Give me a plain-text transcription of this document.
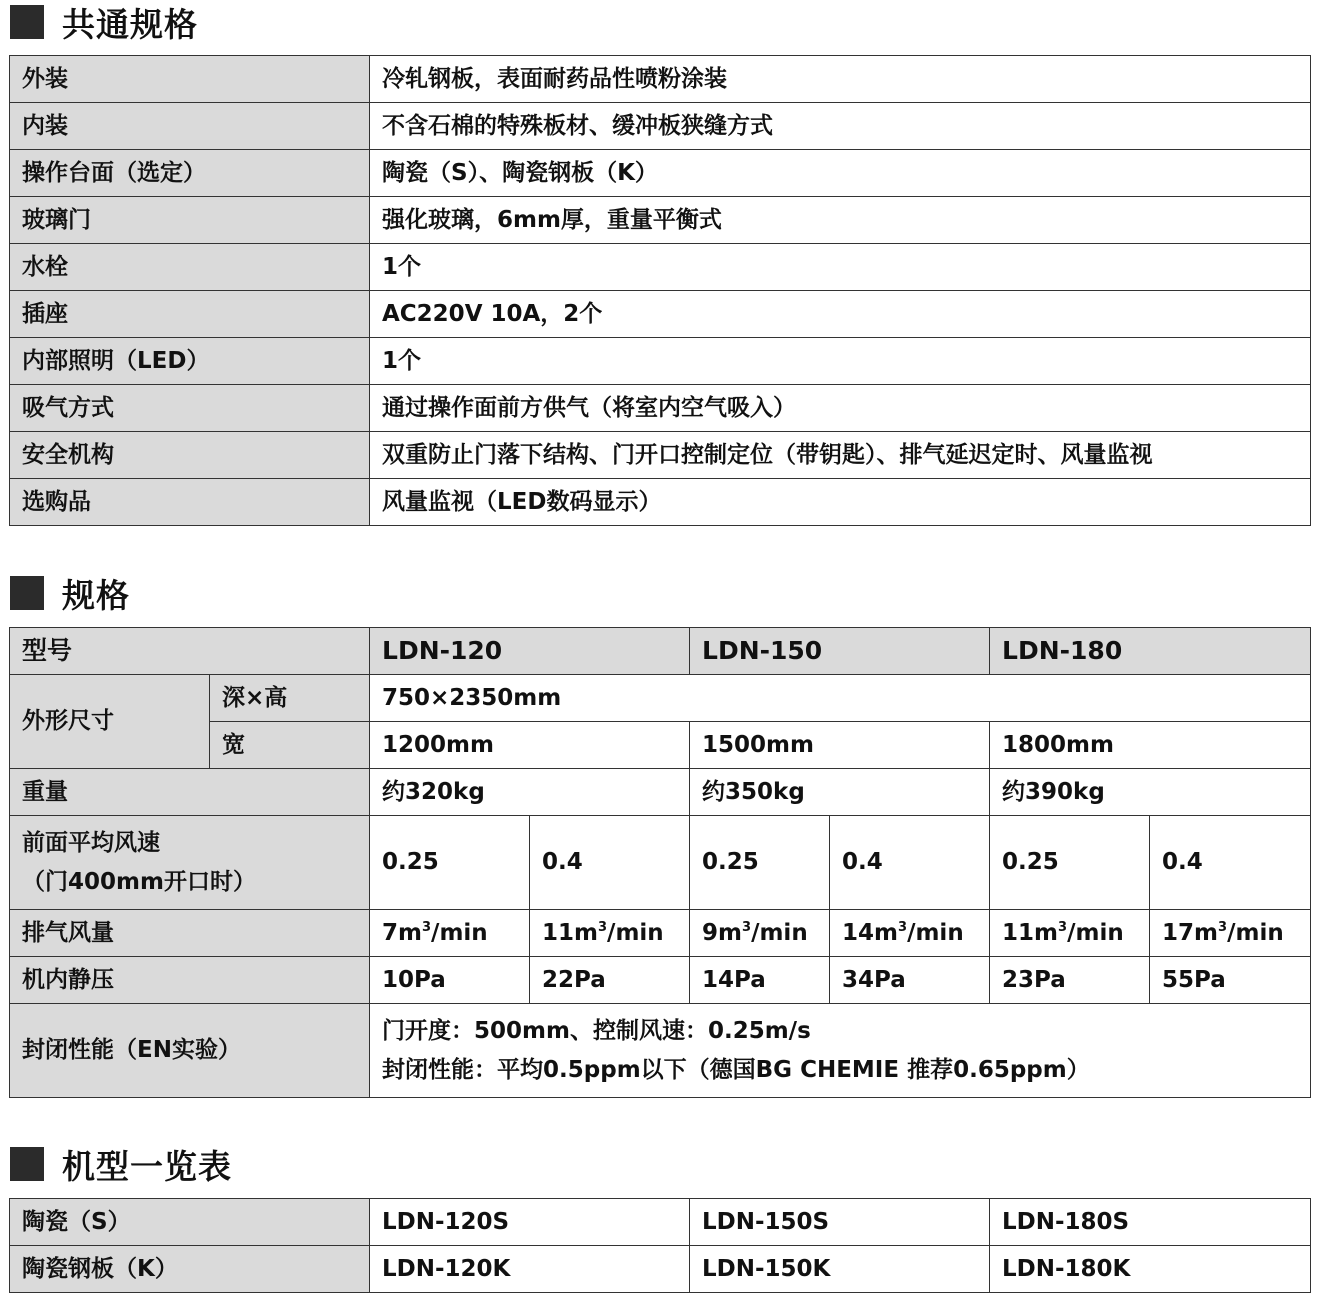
共通规格
外装	冷轧钢板，表面耐药品性喷粉涂装
内装	不含石棉的特殊板材、缓冲板狭缝方式
操作台面（选定）	陶瓷（S）、陶瓷钢板（K）
玻璃门	强化玻璃，6mm厚，重量平衡式
水栓	1个
插座	AC220V 10A，2个
内部照明（LED）	1个
吸气方式	通过操作面前方供气（将室内空气吸入）
安全机构	双重防止门落下结构、门开口控制定位（带钥匙）、排气延迟定时、风量监视
选购品	风量监视（LED数码显示）
规格
型号		LDN-120		LDN-150		LDN-180	
外形尺寸	深×高	750×2350mm					
	宽	1200mm		1500mm		1800mm	
重量		约320kg		约350kg		约390kg	

前面平均风速
（门400mm开口时）		0.25	0.4	0.25	0.4	0.25	0.4
排气风量		$7m^3/\min$	$11m^3/\min$	$9m^3/\min$	$14m^3/\min$	$11m^3/\min$	$17m^3/\min$
机内静压		10Pa	22Pa	14Pa	34Pa	23Pa	55Pa
封闭性能（EN实验）		门开度：500mm、控制风速：0.25m/s
封闭性能：平均0.5ppm以下（德国BG CHEMIE 推荐0.65ppm）					
机型一览表
陶瓷（S）	LDN-120S	LDN-150S	LDN-180S
陶瓷钢板（K）	LDN-120K	LDN-150K	LDN-180K
